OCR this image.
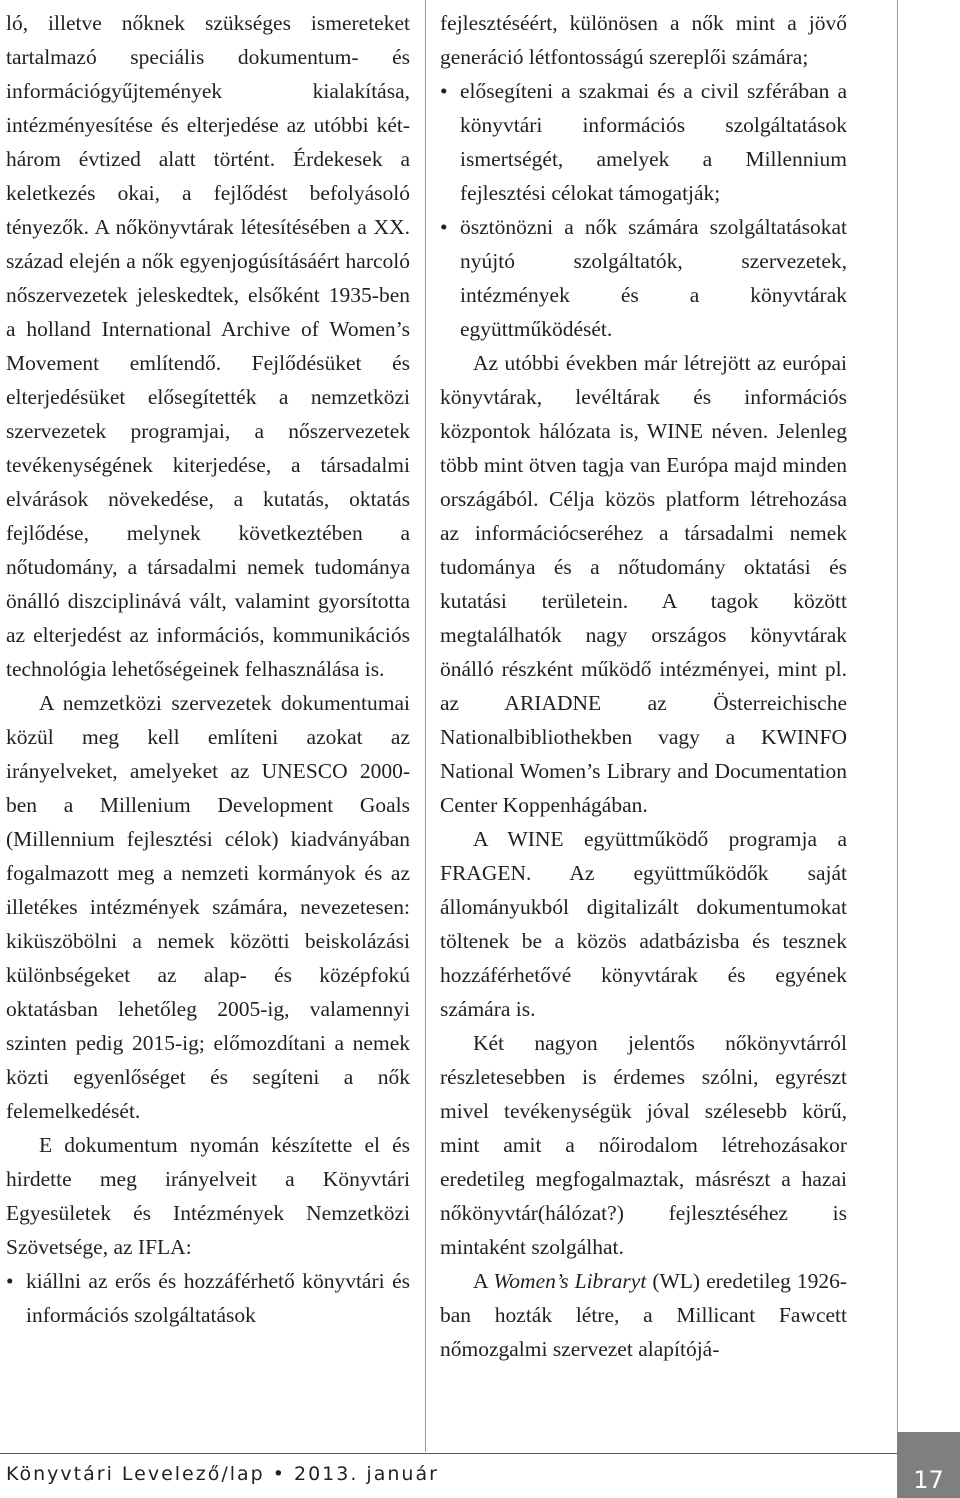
ló, illetve nőknek szükséges ismereteket tartalmazó speciális dokumentum- és információgyűjtemények kialakítása, intézményesítése és elterjedése az utóbbi két-három évtized alatt történt. Érdekesek a keletkezés okai, a fejlődést befolyásoló tényezők. A nőkönyvtárak létesítésében a XX. század elején a nők egyenjogúsításáért harcoló nőszervezetek jeleskedtek, elsőként 1935-ben a holland International Archive of Women’s Movement említendő. Fejlődésüket és elterjedésüket elősegítették a nemzetközi szervezetek programjai, a nőszervezetek tevékenységének kiterjedése, a társadalmi elvárások növekedése, a kutatás, oktatás fejlődése, melynek következtében a nőtudomány, a társadalmi nemek tudománya önálló diszciplinává vált, valamint gyorsította az elterjedést az információs, kommunikációs technológia lehetőségeinek felhasználása is.

A nemzetközi szervezetek dokumentumai közül meg kell említeni azokat az irányelveket, amelyeket az UNESCO 2000-ben a Millenium Development Goals (Millennium fejlesztési célok) kiadványában fogalmazott meg a nemzeti kormányok és az illetékes intézmények számára, nevezetesen: kiküszöbölni a nemek közötti beiskolázási különbségeket az alap- és középfokú oktatásban lehetőleg 2005-ig, valamennyi szinten pedig 2015-ig; előmozdítani a nemek közti egyenlőséget és segíteni a nők felemelkedését.

E dokumentum nyomán készítette el és hirdette meg irányelveit a Könyvtári Egyesületek és Intézmények Nemzetközi Szövetsége, az IFLA:

• kiállni az erős és hozzáférhető könyvtári és információs szolgáltatások

fejlesztéséért, különösen a nők mint a jövő generáció létfontosságú szereplői számára;

• elősegíteni a szakmai és a civil szférában a könyvtári információs szolgáltatások ismertségét, amelyek a Millennium fejlesztési célokat támogatják;

• ösztönözni a nők számára szolgáltatásokat nyújtó szolgáltatók, szervezetek, intézmények és a könyvtárak együttműködését.

Az utóbbi években már létrejött az európai könyvtárak, levéltárak és információs központok hálózata is, WINE néven. Jelenleg több mint ötven tagja van Európa majd minden országából. Célja közös platform létrehozása az információcseréhez a társadalmi nemek tudománya és a nőtudomány oktatási és kutatási területein. A tagok között megtalálhatók nagy országos könyvtárak önálló részként működő intézményei, mint pl. az ARIADNE az Österreichische Nationalbibliothekben vagy a KWINFO National Women’s Library and Documentation Center Koppenhágában.

A WINE együttműködő programja a FRAGEN. Az együttműködők saját állományukból digitalizált dokumentumokat töltenek be a közös adatbázisba és tesznek hozzáférhetővé könyvtárak és egyének számára is.

Két nagyon jelentős nőkönyvtárról részletesebben is érdemes szólni, egyrészt mivel tevékenységük jóval szélesebb körű, mint amit a nőirodalom létrehozásakor eredetileg megfogalmaztak, másrészt a hazai nőkönyvtár(hálózat?) fejlesztéséhez is mintaként szolgálhat.

A Women’s Libraryt (WL) eredetileg 1926-ban hozták létre, a Millicant Fawcett nőmozgalmi szervezet alapítójá-

Könyvtári Levelező/lap • 2013. január	17
